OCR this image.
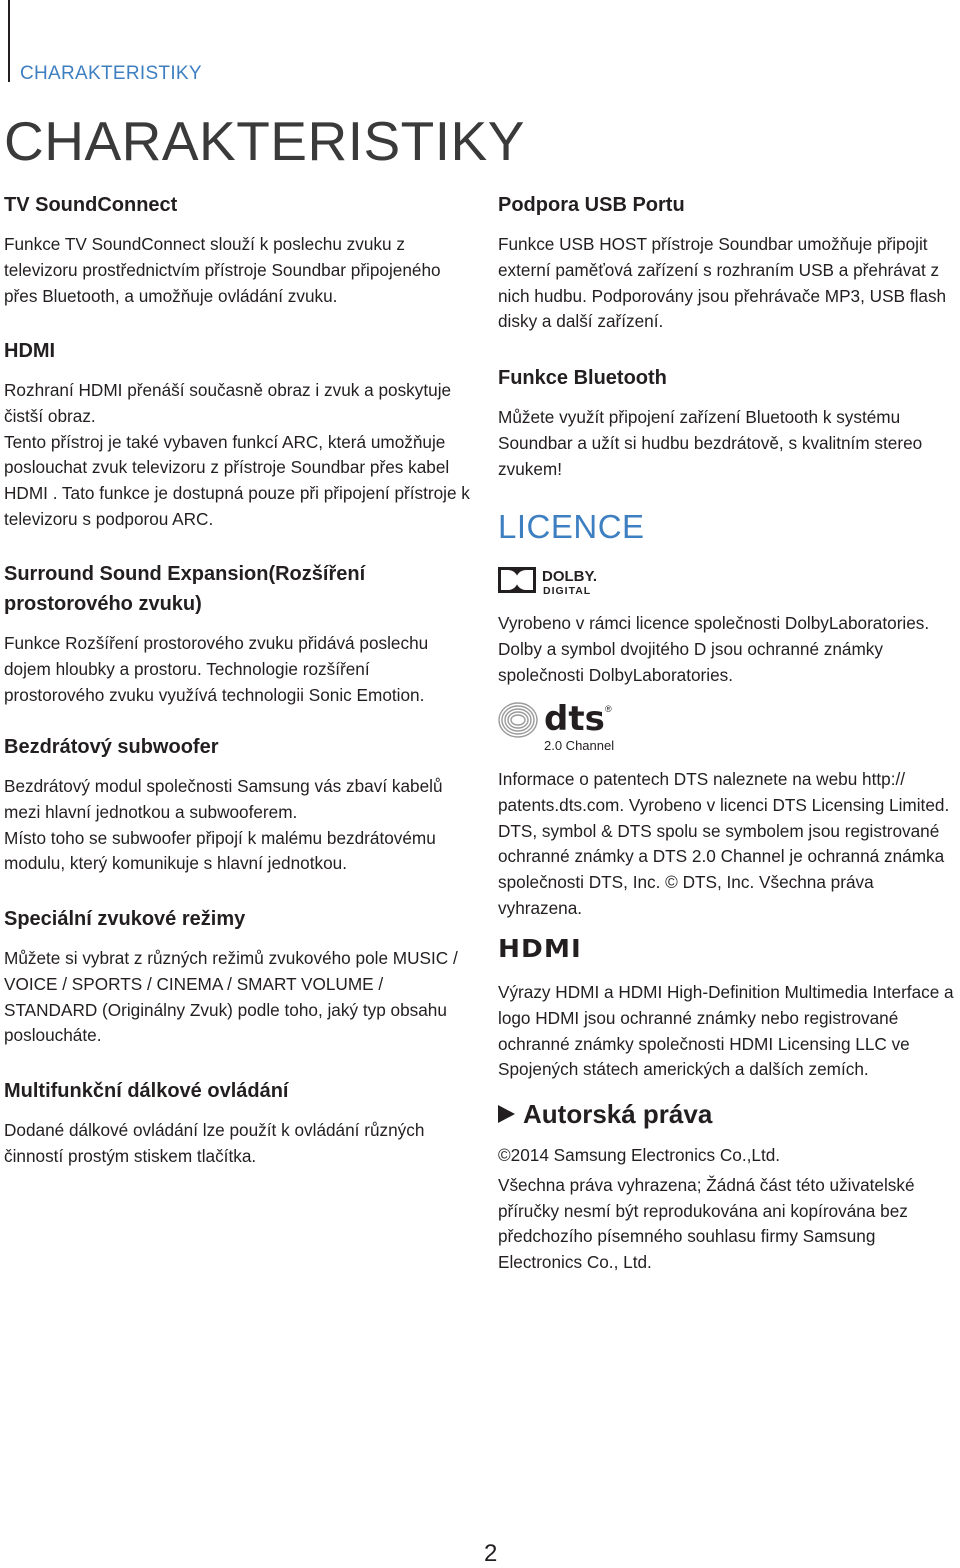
CHARAKTERISTIKY
CHARAKTERISTIKY
TV SoundConnect

Funkce TV SoundConnect slouží k poslechu zvuku z televizoru prostřednictvím přístroje Soundbar připojeného přes Bluetooth, a umožňuje ovládání zvuku.

HDMI

Rozhraní HDMI přenáší současně obraz i zvuk a poskytuje čistší obraz.

Tento přístroj je také vybaven funkcí ARC, která umožňuje poslouchat zvuk televizoru z přístroje Soundbar přes kabel HDMI . Tato funkce je dostupná pouze při připojení přístroje k televizoru s podporou ARC.

Surround Sound Expansion(Rozšíření prostorového zvuku)

Funkce Rozšíření prostorového zvuku přidává poslechu dojem hloubky a prostoru. Technologie rozšíření prostorového zvuku využívá technologii Sonic Emotion.

Bezdrátový subwoofer

Bezdrátový modul společnosti Samsung vás zbaví kabelů mezi hlavní jednotkou a subwooferem.

Místo toho se subwoofer připojí k malému bezdrátovému modulu, který komunikuje s hlavní jednotkou.

Speciální zvukové režimy

Můžete si vybrat z různých režimů zvukového pole MUSIC / VOICE / SPORTS / CINEMA / SMART VOLUME / STANDARD (Originálny Zvuk) podle toho, jaký typ obsahu posloucháte.

Multifunkční dálkové ovládání

Dodané dálkové ovládání lze použít k ovládání různých činností prostým stiskem tlačítka.

Podpora USB Portu

Funkce USB HOST přístroje Soundbar umožňuje připojit externí paměťová zařízení s rozhraním USB a přehrávat z nich hudbu. Podporovány jsou přehrávače MP3, USB flash disky a další zařízení.

Funkce Bluetooth

Můžete využít připojení zařízení Bluetooth k systému Soundbar a užít si hudbu bezdrátově, s kvalitním stereo zvukem!

LICENCE
DOLBY.
DIGITAL

Vyrobeno v rámci licence společnosti DolbyLaboratories. Dolby a symbol dvojitého D jsou ochranné známky společnosti DolbyLaboratories.

dts ®
2.0 Channel

Informace o patentech DTS naleznete na webu http:// patents.dts.com. Vyrobeno v licenci DTS Licensing Limited. DTS, symbol & DTS spolu se symbolem jsou registrované ochranné známky a DTS 2.0 Channel je ochranná známka společnosti DTS, Inc. © DTS, Inc. Všechna práva vyhrazena.

HDMI

Výrazy HDMI a HDMI High-Definition Multimedia Interface a logo HDMI jsou ochranné známky nebo registrované ochranné známky společnosti HDMI Licensing LLC ve Spojených státech amerických a dalších zemích.

Autorská práva

©2014 Samsung Electronics Co.,Ltd.

Všechna práva vyhrazena; Žádná část této uživatelské příručky nesmí být reprodukována ani kopírována bez předchozího písemného souhlasu firmy Samsung Electronics Co., Ltd.

2
